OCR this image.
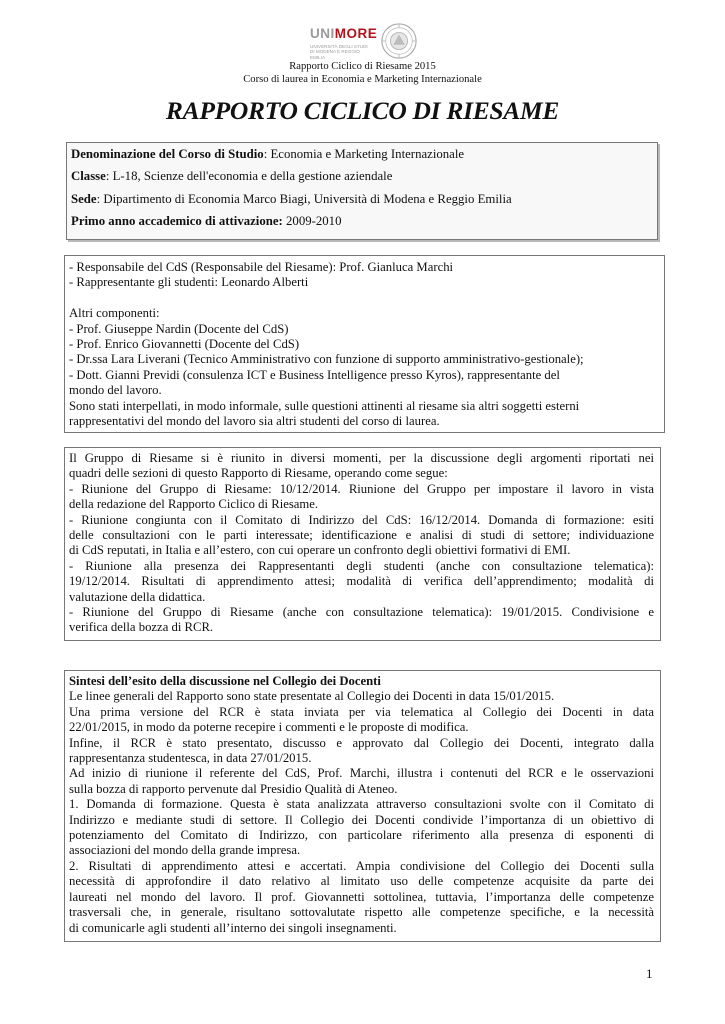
UNIMORE
UNIVERSITÀ DEGLI STUDI DI MODENA E REGGIO EMILIA
Rapporto Ciclico di Riesame 2015
Corso di laurea in Economia e Marketing Internazionale
RAPPORTO CICLICO DI RIESAME

Denominazione del Corso di Studio: Economia e Marketing Internazionale

Classe: L-18, Scienze dell'economia e della gestione aziendale

Sede: Dipartimento di Economia Marco Biagi, Università di Modena e Reggio Emilia

Primo anno accademico di attivazione: 2009-2010

- Responsabile del CdS (Responsabile del Riesame): Prof. Gianluca Marchi
- Rappresentante gli studenti: Leonardo Alberti
Altri componenti:
- Prof. Giuseppe Nardin (Docente del CdS)
- Prof. Enrico Giovannetti (Docente del CdS)
- Dr.ssa Lara Liverani (Tecnico Amministrativo con funzione di supporto amministrativo-gestionale);
- Dott. Gianni Previdi (consulenza ICT e Business Intelligence presso Kyros), rappresentante del
mondo del lavoro.
Sono stati interpellati, in modo informale, sulle questioni attinenti al riesame sia altri soggetti esterni
rappresentativi del mondo del lavoro sia altri studenti del corso di laurea.
Il Gruppo di Riesame si è riunito in diversi momenti, per la discussione degli argomenti riportati nei
quadri delle sezioni di questo Rapporto di Riesame, operando come segue:
- Riunione del Gruppo di Riesame: 10/12/2014. Riunione del Gruppo per impostare il lavoro in vista
della redazione del Rapporto Ciclico di Riesame.
- Riunione congiunta con il Comitato di Indirizzo del CdS: 16/12/2014. Domanda di formazione: esiti
delle consultazioni con le parti interessate; identificazione e analisi di studi di settore; individuazione
di CdS reputati, in Italia e all’estero, con cui operare un confronto degli obiettivi formativi di EMI.
- Riunione alla presenza dei Rappresentanti degli studenti (anche con consultazione telematica):
19/12/2014. Risultati di apprendimento attesi; modalità di verifica dell’apprendimento; modalità di
valutazione della didattica.
- Riunione del Gruppo di Riesame (anche con consultazione telematica): 19/01/2015. Condivisione e
verifica della bozza di RCR.
Sintesi dell’esito della discussione nel Collegio dei Docenti
Le linee generali del Rapporto sono state presentate al Collegio dei Docenti in data 15/01/2015.
Una prima versione del RCR è stata inviata per via telematica al Collegio dei Docenti in data
22/01/2015, in modo da poterne recepire i commenti e le proposte di modifica.
Infine, il RCR è stato presentato, discusso e approvato dal Collegio dei Docenti, integrato dalla
rappresentanza studentesca, in data 27/01/2015.
Ad inizio di riunione il referente del CdS, Prof. Marchi, illustra i contenuti del RCR e le osservazioni
sulla bozza di rapporto pervenute dal Presidio Qualità di Ateneo.
1. Domanda di formazione. Questa è stata analizzata attraverso consultazioni svolte con il Comitato di
Indirizzo e mediante studi di settore. Il Collegio dei Docenti condivide l’importanza di un obiettivo di
potenziamento del Comitato di Indirizzo, con particolare riferimento alla presenza di esponenti di
associazioni del mondo della grande impresa.
2. Risultati di apprendimento attesi e accertati. Ampia condivisione del Collegio dei Docenti sulla
necessità di approfondire il dato relativo al limitato uso delle competenze acquisite da parte dei
laureati nel mondo del lavoro. Il prof. Giovannetti sottolinea, tuttavia, l’importanza delle competenze
trasversali che, in generale, risultano sottovalutate rispetto alle competenze specifiche, e la necessità
di comunicarle agli studenti all’interno dei singoli insegnamenti.
1
